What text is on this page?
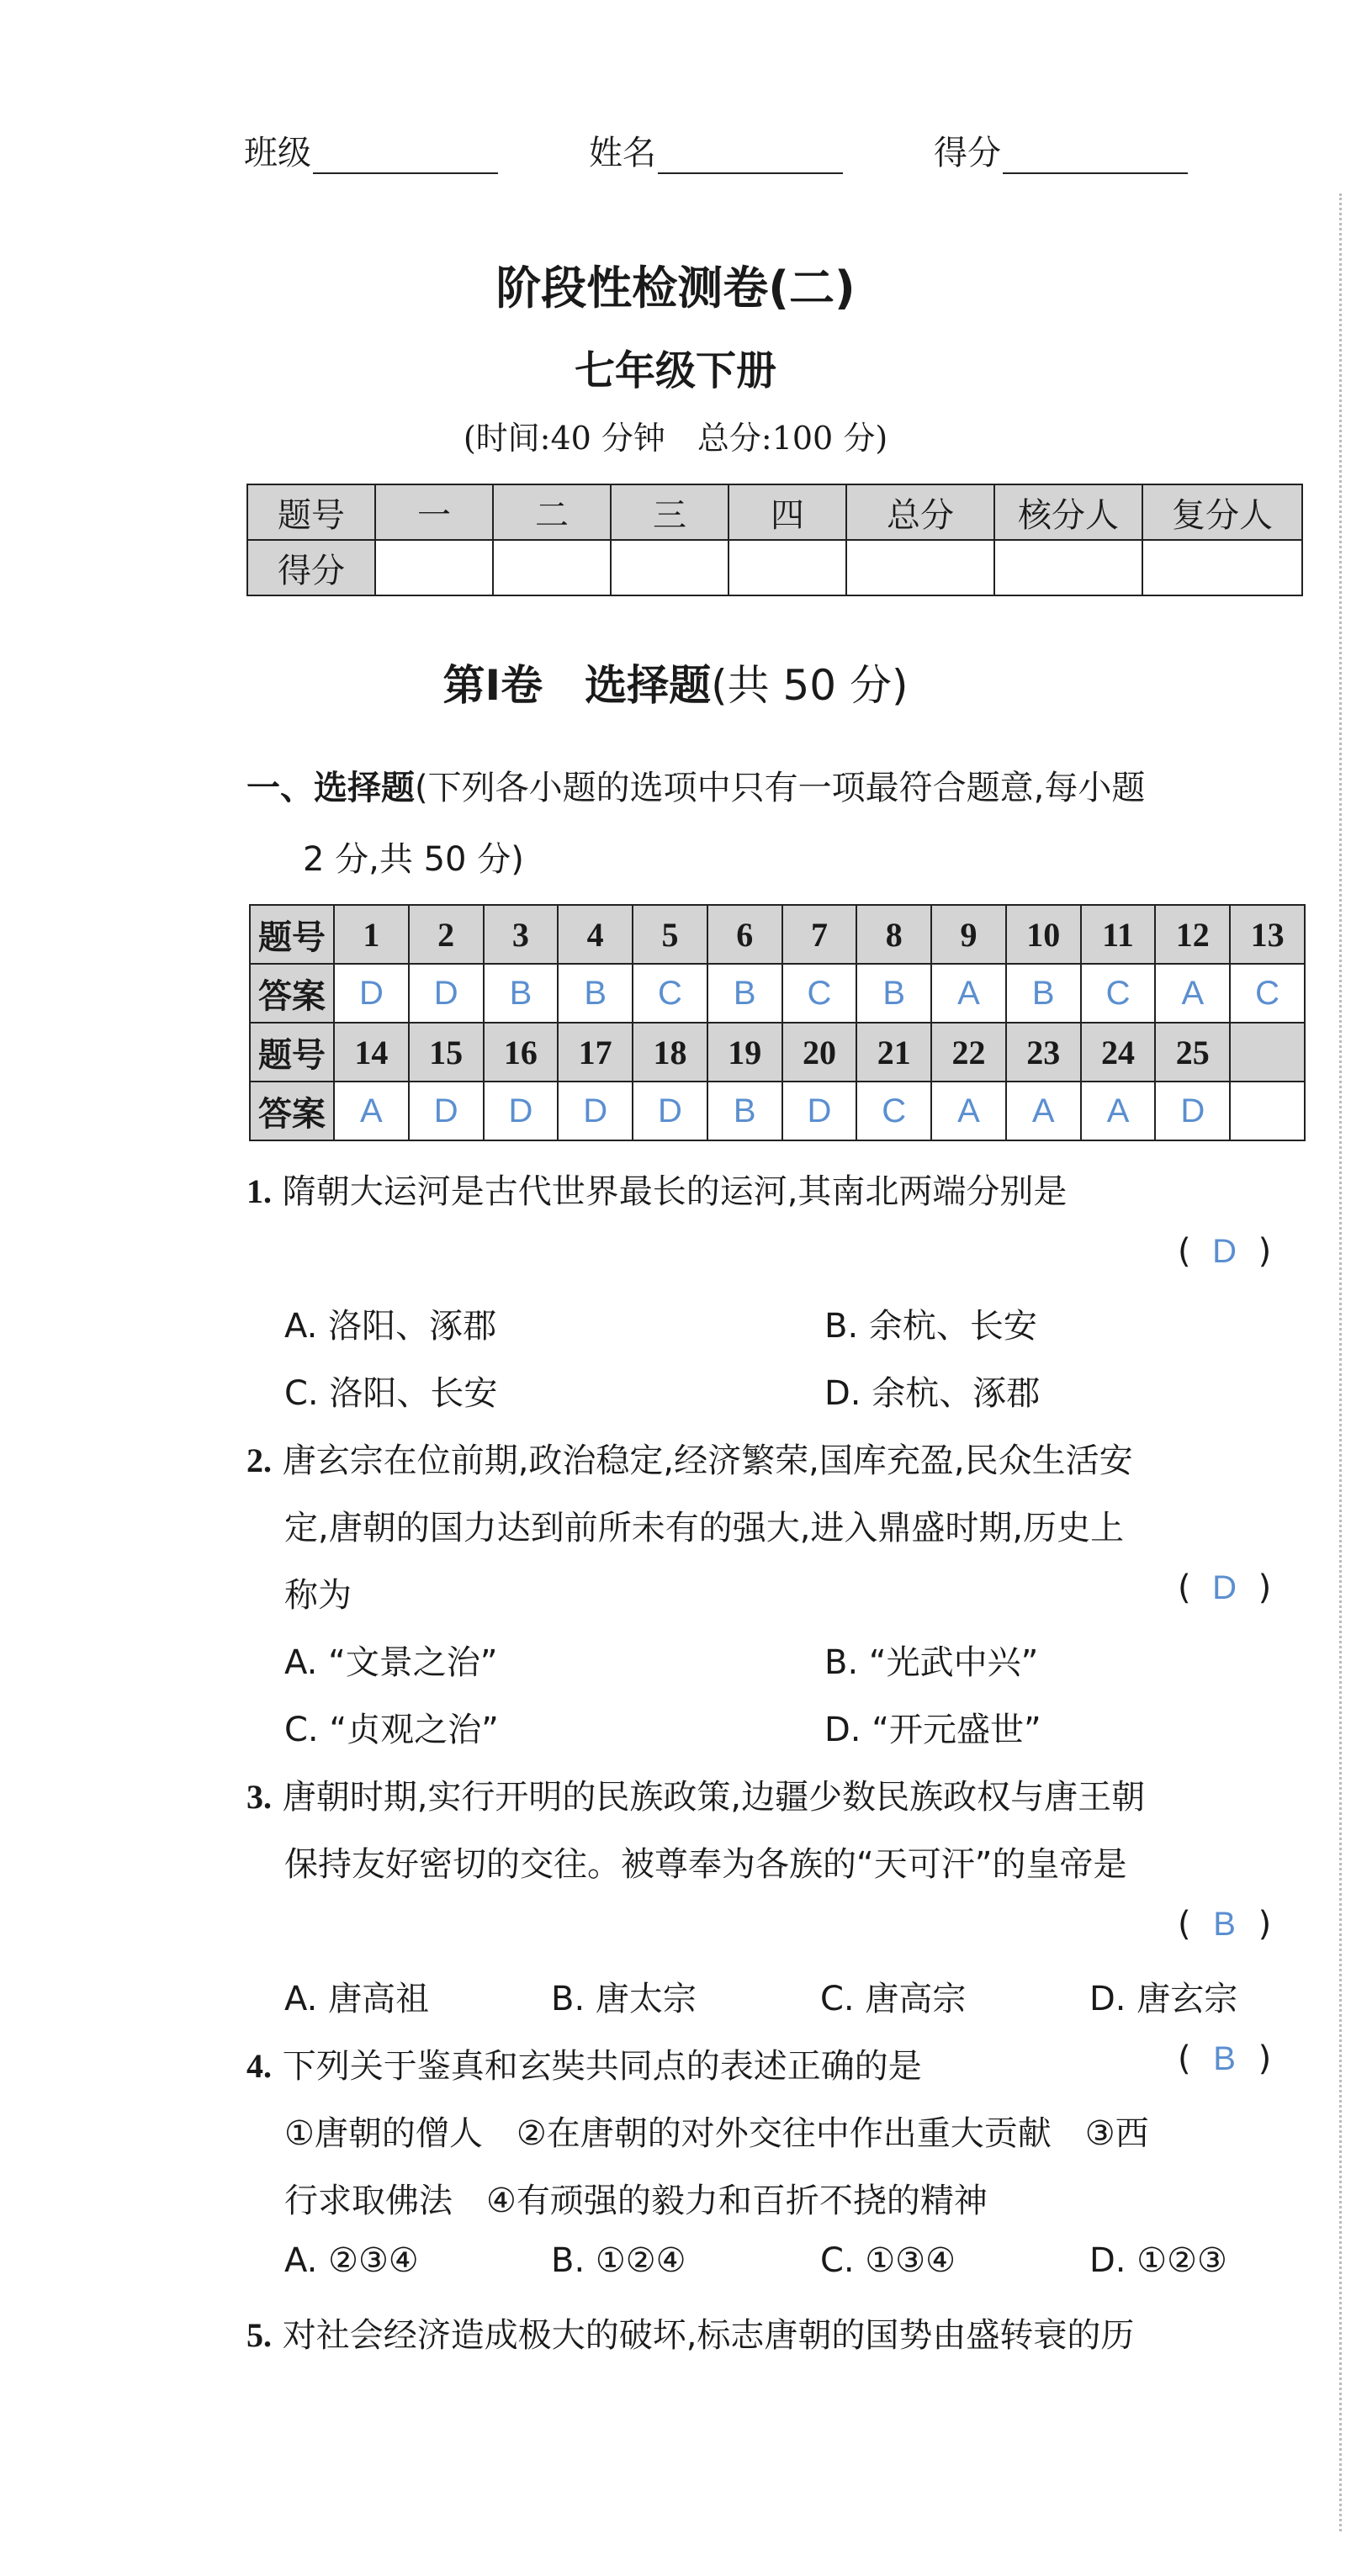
班级	姓名	得分
阶段性检测卷(二)
七年级下册
(时间:40 分钟　总分:100 分)
题号	一	二	三	四	总分	核分人	复分人
得分							
第Ⅰ卷　选择题(共 50 分)
一、选择题(下列各小题的选项中只有一项最符合题意,每小题
2 分,共 50 分)
题号	1	2	3	4	5	6	7	8	9	10	11	12	13
答案	D	D	B	B	C	B	C	B	A	B	C	A	C
题号	14	15	16	17	18	19	20	21	22	23	24	25	
答案	A	D	D	D	D	B	D	C	A	A	A	D	
1. 隋朝大运河是古代世界最长的运河,其南北两端分别是
( D )
A. 洛阳、涿郡	B. 余杭、长安
C. 洛阳、长安	D. 余杭、涿郡
2. 唐玄宗在位前期,政治稳定,经济繁荣,国库充盈,民众生活安
定,唐朝的国力达到前所未有的强大,进入鼎盛时期,历史上
称为	( D )
A. “文景之治”	B. “光武中兴”
C. “贞观之治”	D. “开元盛世”
3. 唐朝时期,实行开明的民族政策,边疆少数民族政权与唐王朝
保持友好密切的交往。被尊奉为各族的“天可汗”的皇帝是
( B )
A. 唐高祖	B. 唐太宗	C. 唐高宗	D. 唐玄宗
4. 下列关于鉴真和玄奘共同点的表述正确的是	( B )
①唐朝的僧人　②在唐朝的对外交往中作出重大贡献　③西
行求取佛法　④有顽强的毅力和百折不挠的精神
A. ②③④	B. ①②④	C. ①③④	D. ①②③
5. 对社会经济造成极大的破坏,标志唐朝的国势由盛转衰的历
